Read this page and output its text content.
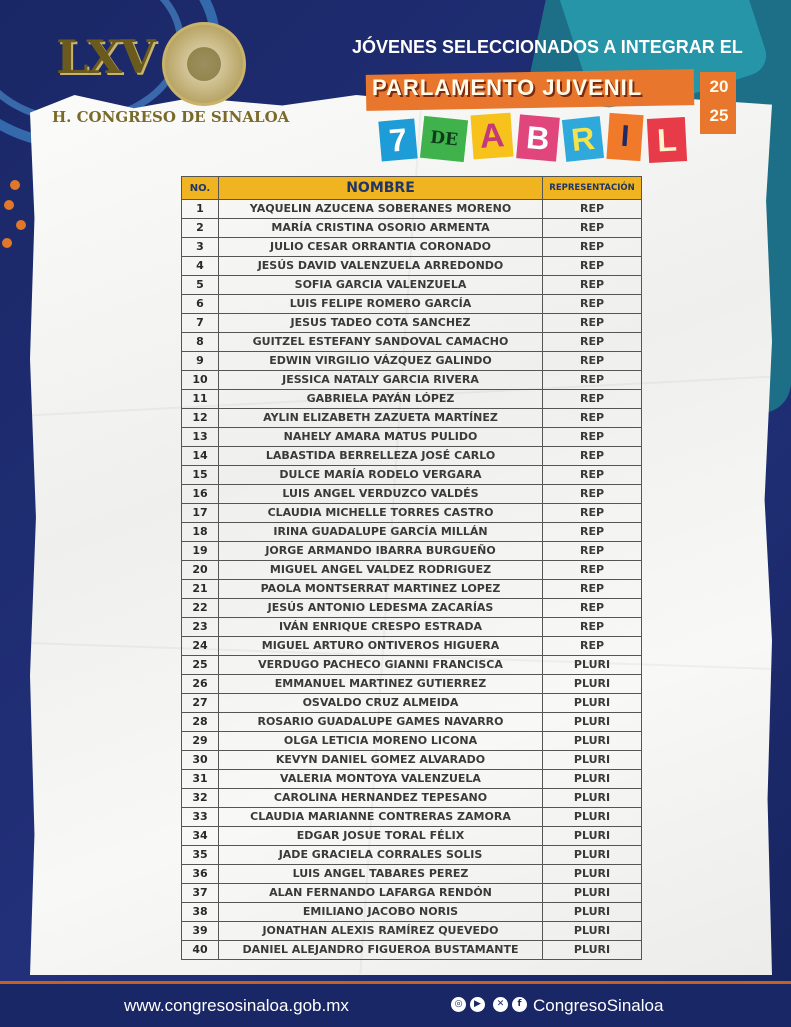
LXV
H. CONGRESO DE SINALOA
JÓVENES SELECCIONADOS A INTEGRAR EL
PARLAMENTO JUVENIL	20
25
7	DE A B R I L
NO.	NOMBRE	REPRESENTACIÓN
1	YAQUELIN AZUCENA SOBERANES MORENO	REP
2	MARÍA CRISTINA OSORIO ARMENTA	REP
3	JULIO CESAR ORRANTIA CORONADO	REP
4	JESÚS DAVID VALENZUELA ARREDONDO	REP
5	SOFIA GARCIA VALENZUELA	REP
6	LUIS FELIPE ROMERO GARCÍA	REP
7	JESUS TADEO COTA SANCHEZ	REP
8	GUITZEL ESTEFANY SANDOVAL CAMACHO	REP
9	EDWIN VIRGILIO VÁZQUEZ GALINDO	REP
10	JESSICA NATALY GARCIA RIVERA	REP
11	GABRIELA PAYÁN LÓPEZ	REP
12	AYLIN ELIZABETH ZAZUETA MARTÍNEZ	REP
13	NAHELY AMARA MATUS PULIDO	REP
14	LABASTIDA BERRELLEZA JOSÉ CARLO	REP
15	DULCE MARÍA RODELO VERGARA	REP
16	LUIS ANGEL VERDUZCO VALDÉS	REP
17	CLAUDIA MICHELLE TORRES CASTRO	REP
18	IRINA GUADALUPE GARCÍA MILLÁN	REP
19	JORGE ARMANDO IBARRA BURGUEÑO	REP
20	MIGUEL ANGEL VALDEZ RODRIGUEZ	REP
21	PAOLA MONTSERRAT MARTINEZ LOPEZ	REP
22	JESÚS ANTONIO LEDESMA ZACARÍAS	REP
23	IVÁN ENRIQUE CRESPO ESTRADA	REP
24	MIGUEL ARTURO ONTIVEROS HIGUERA	REP
25	VERDUGO PACHECO GIANNI FRANCISCA	PLURI
26	EMMANUEL MARTINEZ GUTIERREZ	PLURI
27	OSVALDO CRUZ ALMEIDA	PLURI
28	ROSARIO GUADALUPE GAMES NAVARRO	PLURI
29	OLGA LETICIA MORENO LICONA	PLURI
30	KEVYN DANIEL GOMEZ ALVARADO	PLURI
31	VALERIA MONTOYA VALENZUELA	PLURI
32	CAROLINA HERNANDEZ TEPESANO	PLURI
33	CLAUDIA MARIANNE CONTRERAS ZAMORA	PLURI
34	EDGAR JOSUE TORAL FÉLIX	PLURI
35	JADE GRACIELA CORRALES SOLIS	PLURI
36	LUIS ANGEL TABARES PEREZ	PLURI
37	ALAN FERNANDO LAFARGA RENDÓN	PLURI
38	EMILIANO JACOBO NORIS	PLURI
39	JONATHAN ALEXIS RAMÍREZ QUEVEDO	PLURI
40	DANIEL ALEJANDRO FIGUEROA BUSTAMANTE	PLURI
www.congresosinaloa.gob.mx	◎	▶	✕	f CongresoSinaloa
